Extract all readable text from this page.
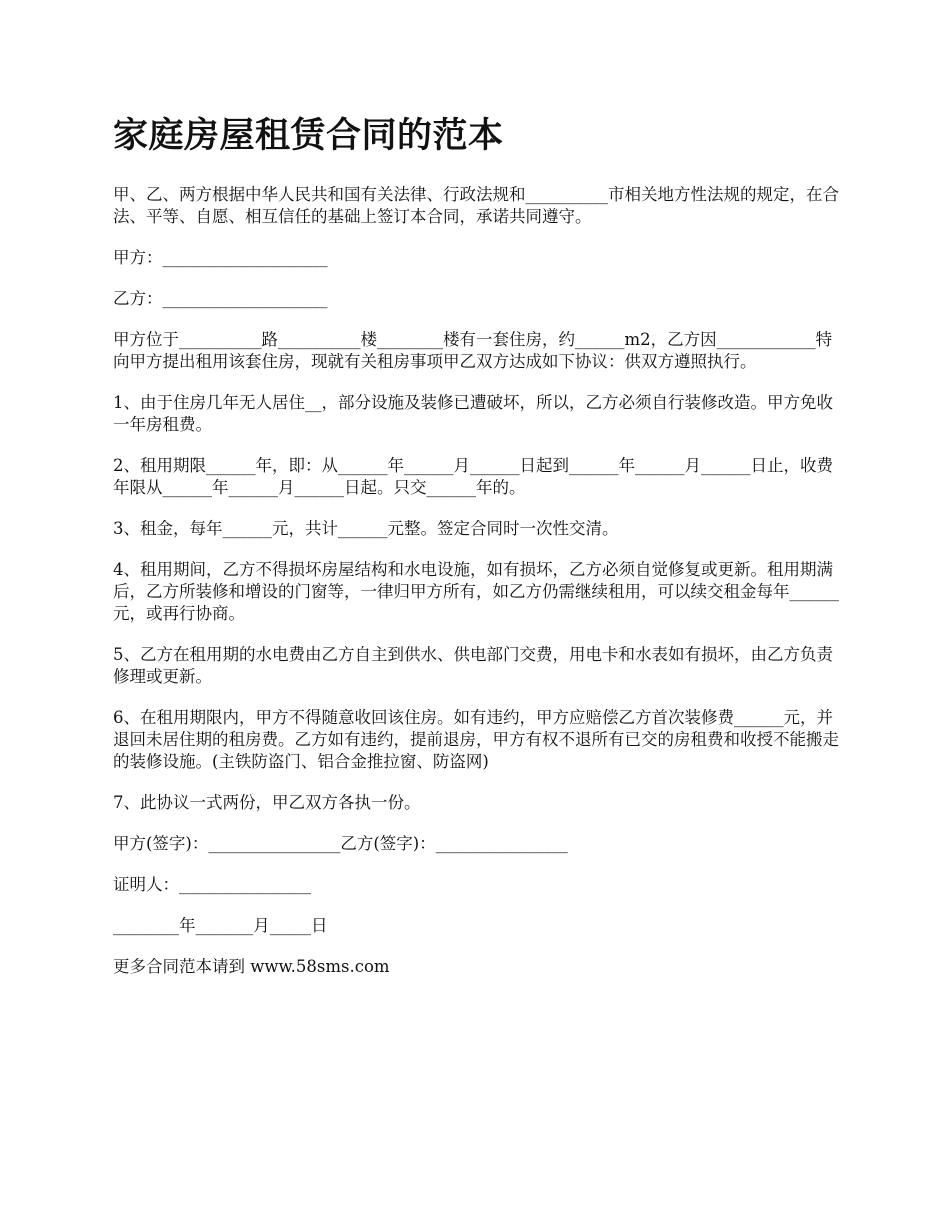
家庭房屋租赁合同的范本

甲、乙、两方根据中华人民共和国有关法律、行政法规和__________市相关地方性法规的规定，在合法、平等、自愿、相互信任的基础上签订本合同，承诺共同遵守。

甲方：____________________

乙方：____________________

甲方位于__________路__________楼________楼有一套住房，约______m2，乙方因____________特向甲方提出租用该套住房，现就有关租房事项甲乙双方达成如下协议：供双方遵照执行。

1、由于住房几年无人居住__，部分设施及装修已遭破坏，所以，乙方必须自行装修改造。甲方免收一年房租费。

2、租用期限______年，即：从______年______月______日起到______年______月______日止，收费年限从______年______月______日起。只交______年的。

3、租金，每年______元，共计______元整。签定合同时一次性交清。

4、租用期间，乙方不得损坏房屋结构和水电设施，如有损坏，乙方必须自觉修复或更新。租用期满后，乙方所装修和增设的门窗等，一律归甲方所有，如乙方仍需继续租用，可以续交租金每年______元，或再行协商。

5、乙方在租用期的水电费由乙方自主到供水、供电部门交费，用电卡和水表如有损坏，由乙方负责修理或更新。

6、在租用期限内，甲方不得随意收回该住房。如有违约，甲方应赔偿乙方首次装修费______元，并退回未居住期的租房费。乙方如有违约，提前退房，甲方有权不退所有已交的房租费和收授不能搬走的装修设施。(主铁防盗门、铝合金推拉窗、防盗网)

7、此协议一式两份，甲乙双方各执一份。

甲方(签字)：________________乙方(签字)：________________

证明人：________________

________年_______月_____日

更多合同范本请到 www.58sms.com
